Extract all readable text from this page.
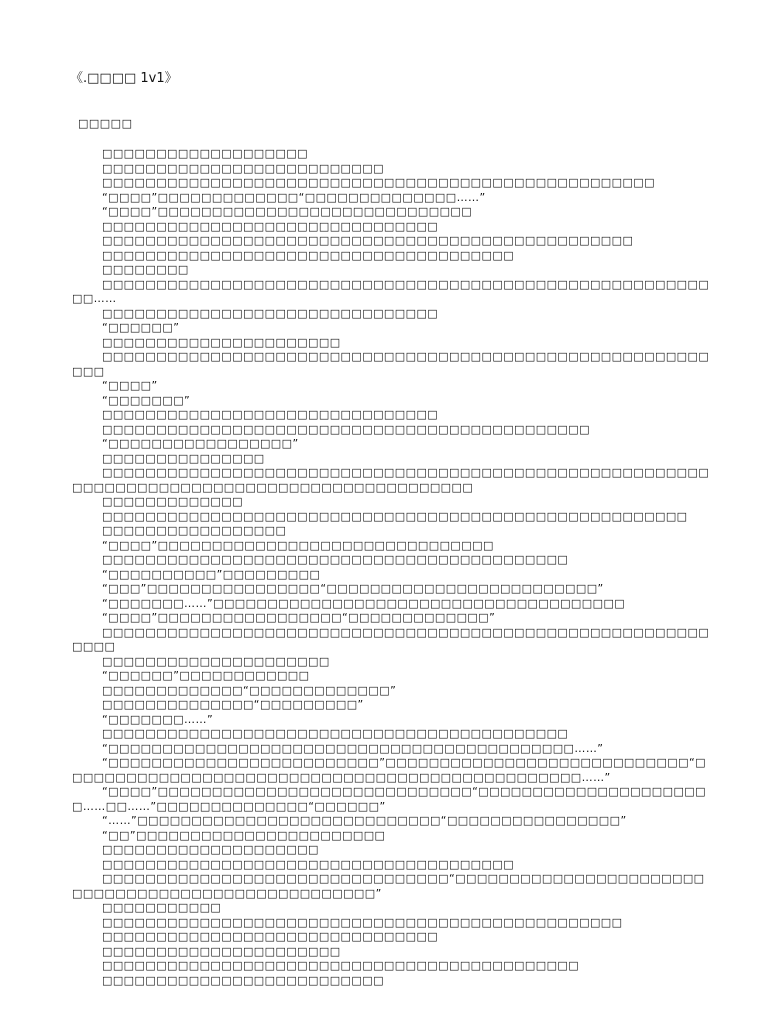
《.□□□□ 1v1》
□□□□□

□□□□□□□□□□□□□□□□□□□

□□□□□□□□□□□□□□□□□□□□□□□□□□

□□□□□□□□□□□□□□□□□□□□□□□□□□□□□□□□□□□□□□□□□□□□□□□□□□□

“□□□□”□□□□□□□□□□□□□“□□□□□□□□□□□□□□……”

“□□□□”□□□□□□□□□□□□□□□□□□□□□□□□□□□□□

□□□□□□□□□□□□□□□□□□□□□□□□□□□□□□□

□□□□□□□□□□□□□□□□□□□□□□□□□□□□□□□□□□□□□□□□□□□□□□□□□

□□□□□□□□□□□□□□□□□□□□□□□□□□□□□□□□□□□□□□

□□□□□□□□

□□□□□□□□□□□□□□□□□□□□□□□□□□□□□□□□□□□□□□□□□□□□□□□□□□□□□□□□□□……

□□□□□□□□□□□□□□□□□□□□□□□□□□□□□□□

“□□□□□□”

□□□□□□□□□□□□□□□□□□□□□□

□□□□□□□□□□□□□□□□□□□□□□□□□□□□□□□□□□□□□□□□□□□□□□□□□□□□□□□□□□□

“□□□□”

“□□□□□□□”

□□□□□□□□□□□□□□□□□□□□□□□□□□□□□□□

□□□□□□□□□□□□□□□□□□□□□□□□□□□□□□□□□□□□□□□□□□□□□

“□□□□□□□□□□□□□□□□□”

□□□□□□□□□□□□□□□

□□□□□□□□□□□□□□□□□□□□□□□□□□□□□□□□□□□□□□□□□□□□□□□□□□□□□□□□□□□□□□□□□□□□□□□□□□□□□□□□□□□□□□□□□□□□□

□□□□□□□□□□□□□

□□□□□□□□□□□□□□□□□□□□□□□□□□□□□□□□□□□□□□□□□□□□□□□□□□□□□□

□□□□□□□□□□□□□□□□□

“□□□□”□□□□□□□□□□□□□□□□□□□□□□□□□□□□□□□

□□□□□□□□□□□□□□□□□□□□□□□□□□□□□□□□□□□□□□□□□□□

“□□□□□□□□□□”□□□□□□□□□

“□□□”□□□□□□□□□□□□□□□□“□□□□□□□□□□□□□□□□□□□□□□□□□”

“□□□□□□□……”□□□□□□□□□□□□□□□□□□□□□□□□□□□□□□□□□□□□□□

“□□□□”□□□□□□□□□□□□□□□□□“□□□□□□□□□□□□□”

□□□□□□□□□□□□□□□□□□□□□□□□□□□□□□□□□□□□□□□□□□□□□□□□□□□□□□□□□□□□

□□□□□□□□□□□□□□□□□□□□□

“□□□□□□”□□□□□□□□□□□□

□□□□□□□□□□□□□“□□□□□□□□□□□□□”

□□□□□□□□□□□□□□“□□□□□□□□□”

“□□□□□□□……”

□□□□□□□□□□□□□□□□□□□□□□□□□□□□□□□□□□□□□□□□□□□

“□□□□□□□□□□□□□□□□□□□□□□□□□□□□□□□□□□□□□□□□□□□……”

“□□□□□□□□□□□□□□□□□□□□□□□□□”□□□□□□□□□□□□□□□□□□□□□□□□□□□□“□□□□□□□□□□□□□□□□□□□□□□□□□□□□□□□□□□□□□□□□□□□□□□□□……”

“□□□□”□□□□□□□□□□□□□□□□□□□□□□□□□□□□□“□□□□□□□□□□□□□□□□□□□□□□……□□……”□□□□□□□□□□□□□□“□□□□□□”

“……”□□□□□□□□□□□□□□□□□□□□□□□□□□□□“□□□□□□□□□□□□□□□□”

“□□”□□□□□□□□□□□□□□□□□□□□□□□

□□□□□□□□□□□□□□□□□□□□

□□□□□□□□□□□□□□□□□□□□□□□□□□□□□□□□□□□□□□

□□□□□□□□□□□□□□□□□□□□□□□□□□□□□□□□“□□□□□□□□□□□□□□□□□□□□□□□□□□□□□□□□□□□□□□□□□□□□□□□□□□□”

□□□□□□□□□□□

□□□□□□□□□□□□□□□□□□□□□□□□□□□□□□□□□□□□□□□□□□□□□□□□

□□□□□□□□□□□□□□□□□□□□□□□□□□□□□□□

□□□□□□□□□□□□□□□□□□□□□□

□□□□□□□□□□□□□□□□□□□□□□□□□□□□□□□□□□□□□□□□□□□□

□□□□□□□□□□□□□□□□□□□□□□□□□□
